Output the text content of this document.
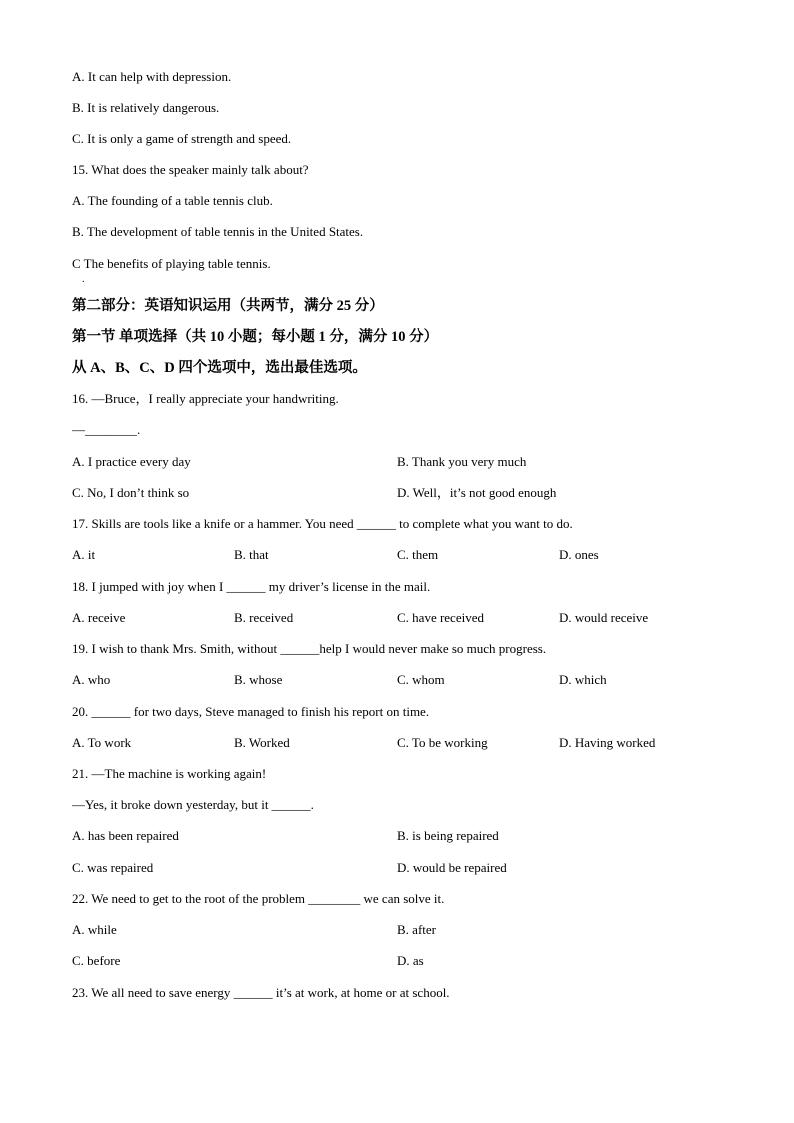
A. It can help with depression.
B. It is relatively dangerous.
C. It is only a game of strength and speed.
15. What does the speaker mainly talk about?
A. The founding of a table tennis club.
B. The development of table tennis in the United States.
C The benefits of playing table tennis.
.
第二部分：英语知识运用（共两节，满分 25 分）
第一节 单项选择（共 10 小题；每小题 1 分，满分 10 分）
从 A、B、C、D 四个选项中，选出最佳选项。
16. —Bruce，I really appreciate your handwriting.
—________.
A. I practice every day	B. Thank you very much
C. No, I don’t think so	D. Well，it’s not good enough
17. Skills are tools like a knife or a hammer. You need ______ to complete what you want to do.
A. it	B. that	C. them	D. ones
18. I jumped with joy when I ______ my driver’s license in the mail.
A. receive	B. received	C. have received	D. would receive
19. I wish to thank Mrs. Smith, without ______help I would never make so much progress.
A. who	B. whose	C. whom	D. which
20. ______ for two days, Steve managed to finish his report on time.
A. To work	B. Worked	C. To be working	D. Having worked
21. —The machine is working again!
—Yes, it broke down yesterday, but it ______.
A. has been repaired	B. is being repaired
C. was repaired	D. would be repaired
22. We need to get to the root of the problem ________ we can solve it.
A. while	B. after
C. before	D. as
23. We all need to save energy ______ it’s at work, at home or at school.
